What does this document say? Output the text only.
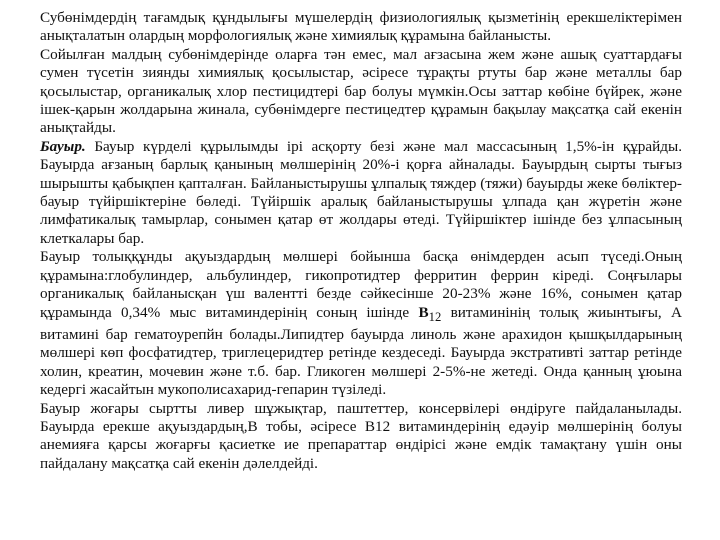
Субөнімдердің тағамдық құндылығы мүшелердің физиологиялық қызметінің ерекшеліктерімен анықталатын олардың морфологиялық және химиялық құрамына байланысты.

Сойылған малдың субөнімдерінде оларға тән емес, мал ағзасына жем және ашық суаттардағы сумен түсетін зиянды химиялық қосылыстар, әсіресе тұрақты ртуты бар және металлы бар қосылыстар, органикалық хлор пестицидтері бар болуы мүмкін.Осы заттар көбіне бүйрек, және ішек-қарын жолдарына жинала, субөнімдерге пестицедтер құрамын бақылау мақсатқа сай екенін анықтайды.

Бауыр. Бауыр күрделі құрылымды ірі асқорту безі және мал массасының 1,5%-ін құрайды. Бауырда ағзаның барлық қанының мөлшерінің 20%-і қорға айналады. Бауырдың сырты тығыз шырышты қабықпен қапталған. Байланыстырушы ұлпалық тяждер (тяжи) бауырды жеке бөліктер- бауыр түйіршіктеріне бөледі. Түйіршік аралық байланыстырушы ұлпада қан жүретін және лимфатикалық тамырлар, сонымен қатар өт жолдары өтеді. Түйіршіктер ішінде без ұлпасының клеткалары бар.

Бауыр толыққұнды ақуыздардың мөлшері бойынша басқа өнімдерден асып түседі.Оның құрамына:глобулиндер, альбулиндер, гикопротидтер ферритин феррин кіреді. Соңғылары органикалық байланысқан үш валентті безде сәйкесінше 20-23% және 16%, сонымен қатар құрамында 0,34% мыс витаминдерінің соның ішінде $В_{12}$ витаминінің толық жиынтығы, А витамині бар гематоурепйн болады.Липидтер бауырда линоль және арахидон қышқылдарының мөлшері көп фосфатидтер, триглецеридтер ретінде кездеседі. Бауырда экстративті заттар ретінде холин, креатин, мочевин және т.б. бар. Гликоген мөлшері 2-5%-не жетеді. Онда қанның ұюына кедергі жасайтын мукополисахарид-гепарин түзіледі.

Бауыр жоғары сыртты ливер шұжықтар, паштеттер, консервілері өндіруге пайдаланылады. Бауырда ерекше ақуыздардың,В тобы, әсіресе В12 витаминдерінің едәуір мөлшерінің болуы анемияға қарсы жоғарғы қасиетке ие препараттар өндірісі және емдік тамақтану үшін оны пайдалану мақсатқа сай екенін дәлелдейді.
